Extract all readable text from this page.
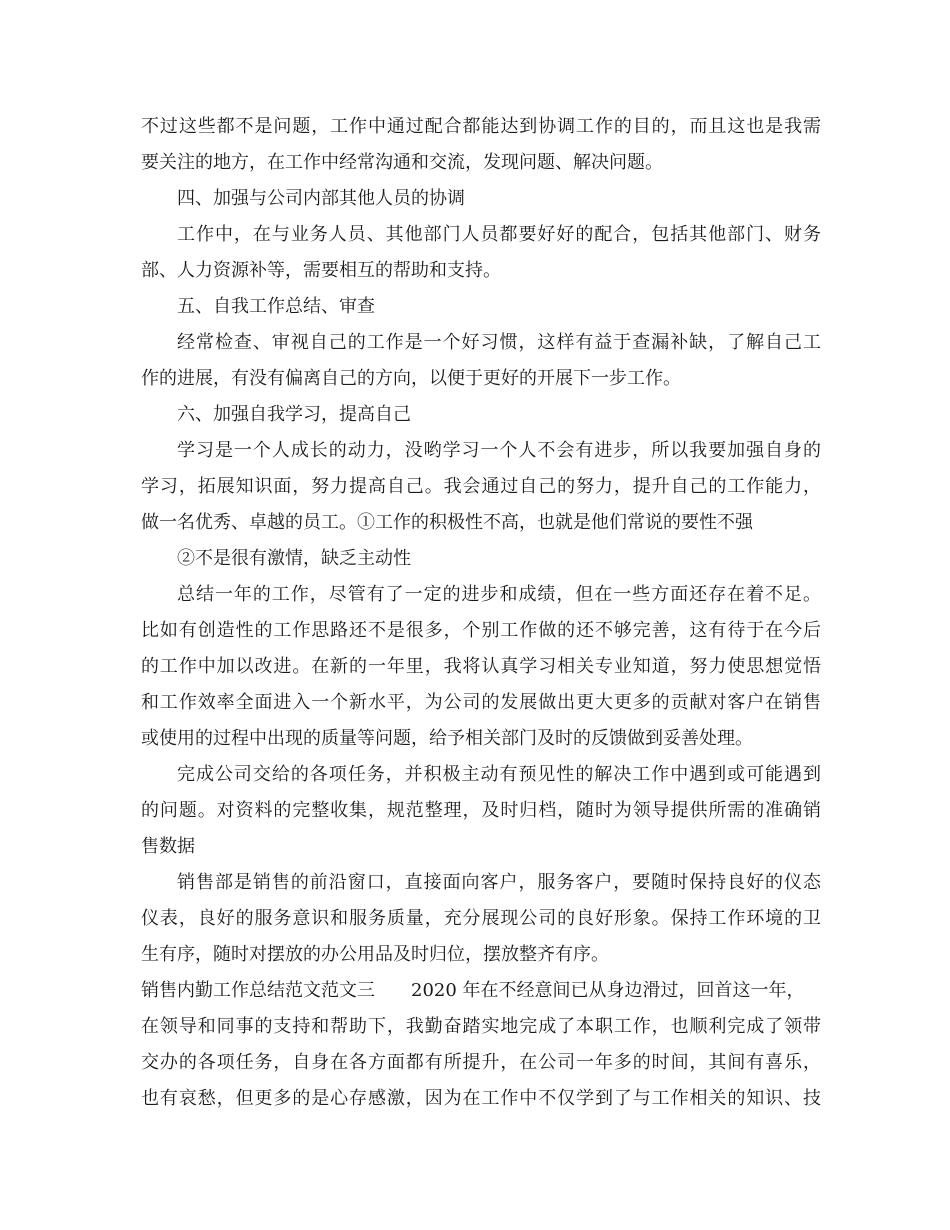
不过这些都不是问题，工作中通过配合都能达到协调工作的目的，而且这也是我需
要关注的地方，在工作中经常沟通和交流，发现问题、解决问题。
四、加强与公司内部其他人员的协调
工作中，在与业务人员、其他部门人员都要好好的配合，包括其他部门、财务
部、人力资源补等，需要相互的帮助和支持。
五、自我工作总结、审查
经常检查、审视自己的工作是一个好习惯，这样有益于查漏补缺，了解自己工
作的进展，有没有偏离自己的方向，以便于更好的开展下一步工作。
六、加强自我学习，提高自己
学习是一个人成长的动力，没哟学习一个人不会有进步，所以我要加强自身的
学习，拓展知识面，努力提高自己。我会通过自己的努力，提升自己的工作能力，
做一名优秀、卓越的员工。①工作的积极性不高，也就是他们常说的要性不强
②不是很有激情，缺乏主动性
总结一年的工作，尽管有了一定的进步和成绩，但在一些方面还存在着不足。
比如有创造性的工作思路还不是很多，个别工作做的还不够完善，这有待于在今后
的工作中加以改进。在新的一年里，我将认真学习相关专业知道，努力使思想觉悟
和工作效率全面进入一个新水平，为公司的发展做出更大更多的贡献对客户在销售
或使用的过程中出现的质量等问题，给予相关部门及时的反馈做到妥善处理。
完成公司交给的各项任务，并积极主动有预见性的解决工作中遇到或可能遇到
的问题。对资料的完整收集，规范整理，及时归档，随时为领导提供所需的准确销
售数据
销售部是销售的前沿窗口，直接面向客户，服务客户，要随时保持良好的仪态
仪表，良好的服务意识和服务质量，充分展现公司的良好形象。保持工作环境的卫
生有序，随时对摆放的办公用品及时归位，摆放整齐有序。
销售内勤工作总结范文范文三　　2020 年在不经意间已从身边滑过，回首这一年，
在领导和同事的支持和帮助下，我勤奋踏实地完成了本职工作，也顺利完成了领带
交办的各项任务，自身在各方面都有所提升，在公司一年多的时间，其间有喜乐，
也有哀愁，但更多的是心存感激，因为在工作中不仅学到了与工作相关的知识、技
